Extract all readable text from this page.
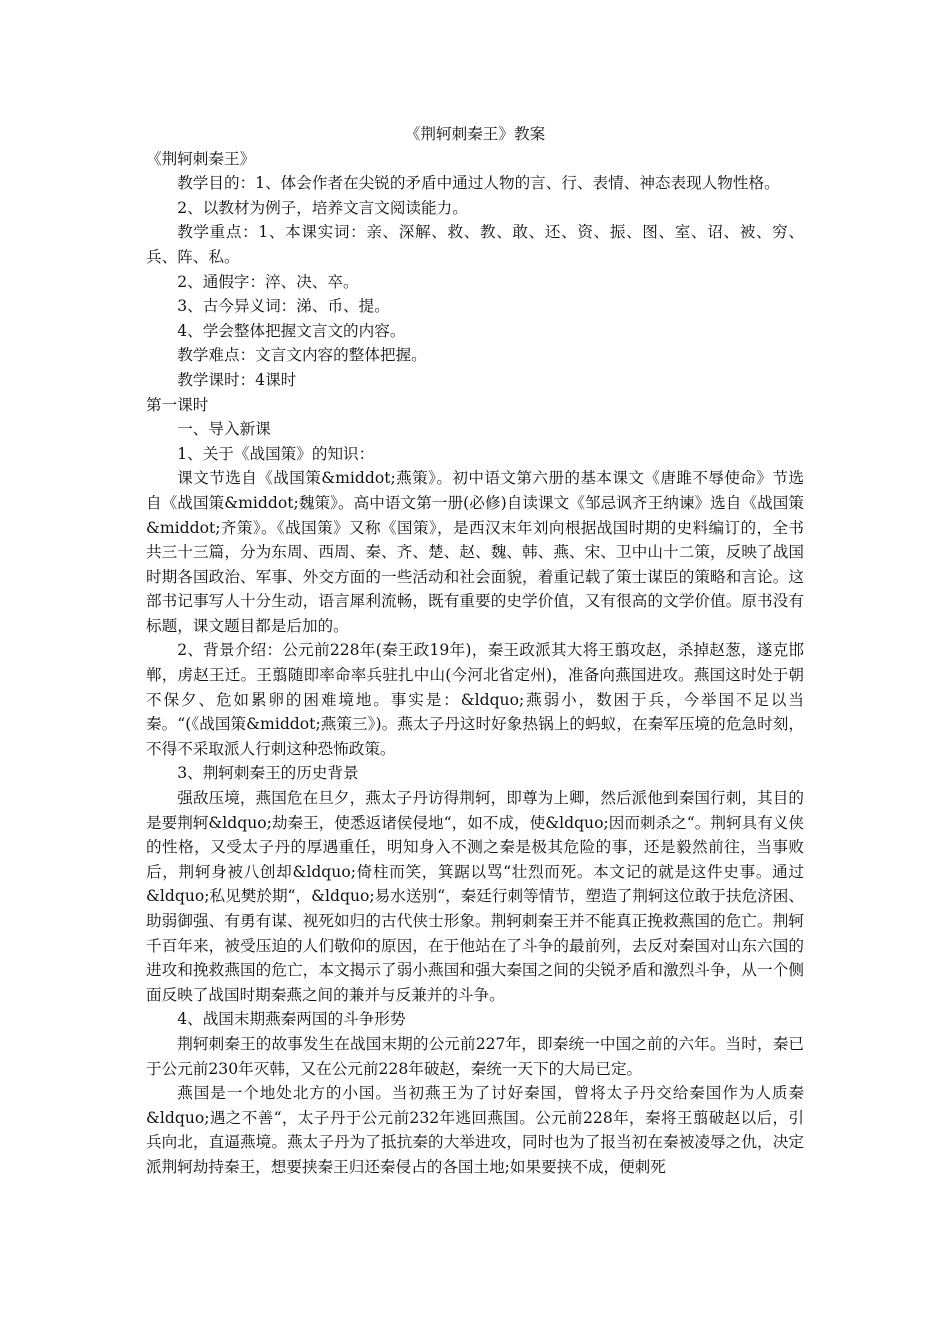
《荆轲刺秦王》教案

《荆轲刺秦王》

教学目的：1、体会作者在尖锐的矛盾中通过人物的言、行、表情、神态表现人物性格。

2、以教材为例子，培养文言文阅读能力。

教学重点：1、本课实词：亲、深解、救、教、敢、还、资、振、图、室、诏、被、穷、兵、阵、私。

2、通假字：淬、决、卒。

3、古今异义词：涕、币、提。

4、学会整体把握文言文的内容。

教学难点：文言文内容的整体把握。

教学课时：4课时

第一课时

一、导入新课

1、关于《战国策》的知识：

课文节选自《战国策&middot;燕策》。初中语文第六册的基本课文《唐雎不辱使命》节选自《战国策&middot;魏策》。高中语文第一册(必修)自读课文《邹忌讽齐王纳谏》选自《战国策&middot;齐策》。《战国策》又称《国策》，是西汉末年刘向根据战国时期的史料编订的，全书共三十三篇，分为东周、西周、秦、齐、楚、赵、魏、韩、燕、宋、卫中山十二策，反映了战国时期各国政治、军事、外交方面的一些活动和社会面貌，着重记载了策士谋臣的策略和言论。这部书记事写人十分生动，语言犀利流畅，既有重要的史学价值，又有很高的文学价值。原书没有标题，课文题目都是后加的。

2、背景介绍：公元前228年(秦王政19年)，秦王政派其大将王翦攻赵，杀掉赵葱，遂克邯郸，虏赵王迁。王翦随即率命率兵驻扎中山(今河北省定州)，准备向燕国进攻。燕国这时处于朝不保夕、危如累卵的困难境地。事实是：&ldquo;燕弱小，数困于兵，今举国不足以当秦。“(《战国策&middot;燕策三》)。燕太子丹这时好象热锅上的蚂蚁，在秦军压境的危急时刻，不得不采取派人行刺这种恐怖政策。

3、荆轲刺秦王的历史背景

强敌压境，燕国危在旦夕，燕太子丹访得荆轲，即尊为上卿，然后派他到秦国行刺，其目的是要荆轲&ldquo;劫秦王，使悉返诸侯侵地“，如不成，使&ldquo;因而刺杀之“。荆轲具有义侠的性格，又受太子丹的厚遇重任，明知身入不测之秦是极其危险的事，还是毅然前往，当事败后，荆轲身被八创却&ldquo;倚柱而笑，箕踞以骂“壮烈而死。本文记的就是这件史事。通过&ldquo;私见樊於期“，&ldquo;易水送别“，秦廷行刺等情节，塑造了荆轲这位敢于扶危济困、助弱御强、有勇有谋、视死如归的古代侠士形象。荆轲刺秦王并不能真正挽救燕国的危亡。荆轲千百年来，被受压迫的人们敬仰的原因，在于他站在了斗争的最前列，去反对秦国对山东六国的进攻和挽救燕国的危亡，本文揭示了弱小燕国和强大秦国之间的尖锐矛盾和激烈斗争，从一个侧面反映了战国时期秦燕之间的兼并与反兼并的斗争。

4、战国末期燕秦两国的斗争形势

荆轲刺秦王的故事发生在战国末期的公元前227年，即秦统一中国之前的六年。当时，秦已于公元前230年灭韩，又在公元前228年破赵，秦统一天下的大局已定。

燕国是一个地处北方的小国。当初燕王为了讨好秦国，曾将太子丹交给秦国作为人质秦&ldquo;遇之不善“，太子丹于公元前232年逃回燕国。公元前228年，秦将王翦破赵以后，引兵向北，直逼燕境。燕太子丹为了抵抗秦的大举进攻，同时也为了报当初在秦被凌辱之仇，决定派荆轲劫持秦王，想要挟秦王归还秦侵占的各国土地;如果要挟不成，便刺死
